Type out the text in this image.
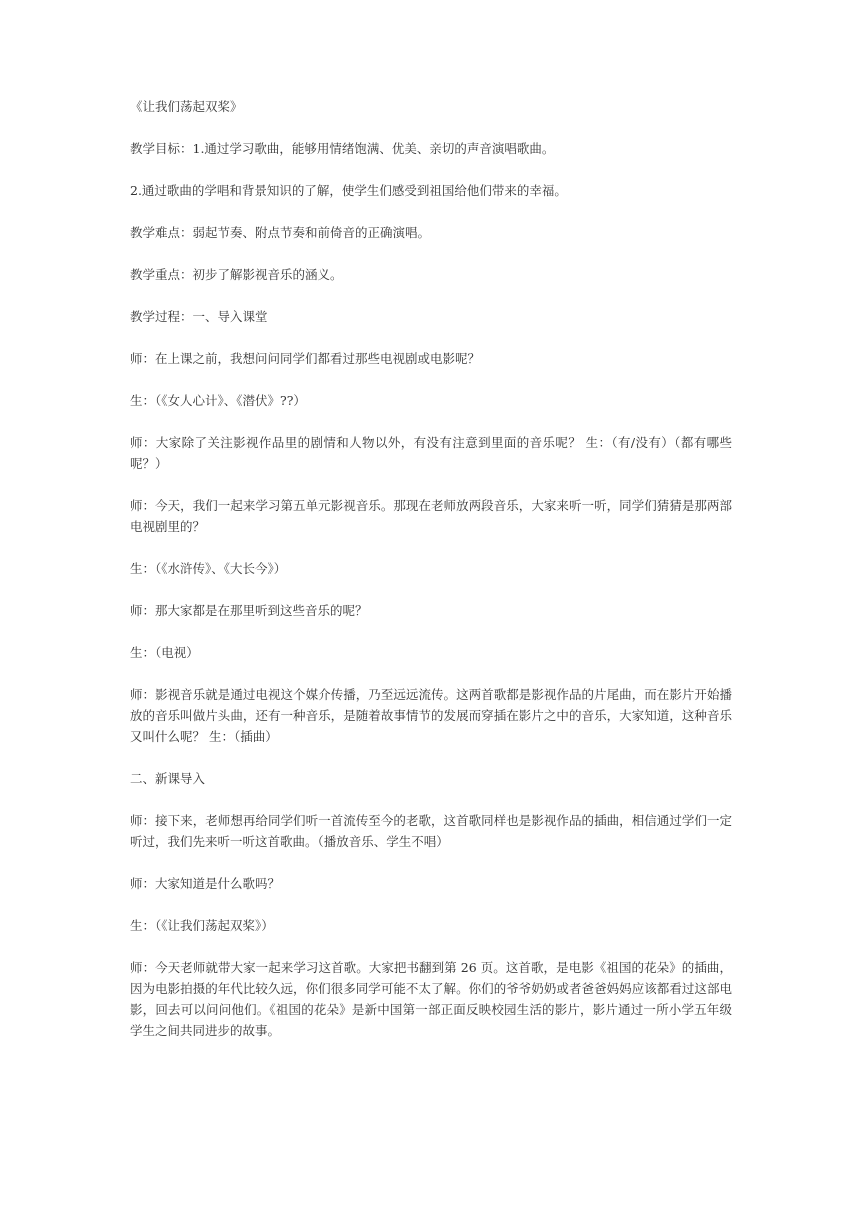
《让我们荡起双桨》

教学目标：1.通过学习歌曲，能够用情绪饱满、优美、亲切的声音演唱歌曲。

2.通过歌曲的学唱和背景知识的了解，使学生们感受到祖国给他们带来的幸福。

教学难点：弱起节奏、附点节奏和前倚音的正确演唱。

教学重点：初步了解影视音乐的涵义。

教学过程：一、导入课堂

师：在上课之前，我想问问同学们都看过那些电视剧或电影呢？

生：（《女人心计》、《潜伏》??）

师：大家除了关注影视作品里的剧情和人物以外，有没有注意到里面的音乐呢？ 生：（有/没有）（都有哪些呢？）

师：今天，我们一起来学习第五单元影视音乐。那现在老师放两段音乐，大家来听一听，同学们猜猜是那两部电视剧里的？

生：（《水浒传》、《大长今》）

师：那大家都是在那里听到这些音乐的呢？

生：（电视）

师：影视音乐就是通过电视这个媒介传播，乃至远远流传。这两首歌都是影视作品的片尾曲，而在影片开始播放的音乐叫做片头曲，还有一种音乐，是随着故事情节的发展而穿插在影片之中的音乐，大家知道，这种音乐又叫什么呢？ 生：（插曲）

二、新课导入

师：接下来，老师想再给同学们听一首流传至今的老歌，这首歌同样也是影视作品的插曲，相信通过学们一定听过，我们先来听一听这首歌曲。（播放音乐、学生不唱）

师：大家知道是什么歌吗？

生：（《让我们荡起双桨》）

师：今天老师就带大家一起来学习这首歌。大家把书翻到第 26 页。这首歌，是电影《祖国的花朵》的插曲，因为电影拍摄的年代比较久远，你们很多同学可能不太了解。你们的爷爷奶奶或者爸爸妈妈应该都看过这部电影，回去可以问问他们。《祖国的花朵》是新中国第一部正面反映校园生活的影片，影片通过一所小学五年级学生之间共同进步的故事。
